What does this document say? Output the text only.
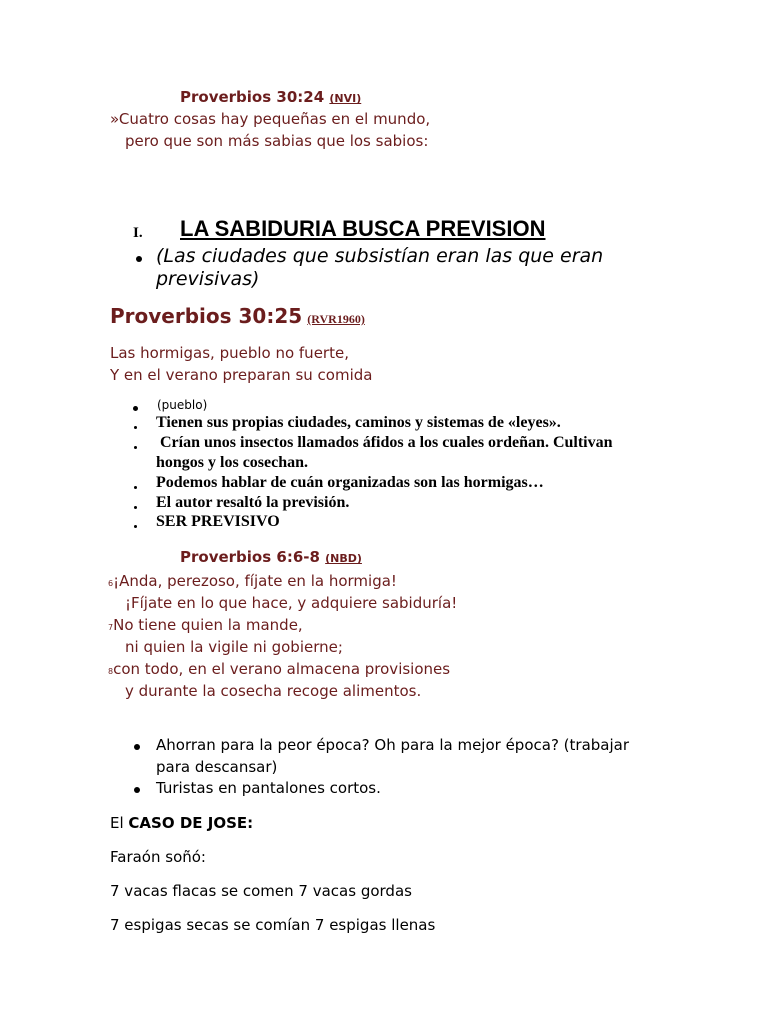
Proverbios 30:24 (NVI)
»Cuatro cosas hay pequeñas en el mundo,
pero que son más sabias que los sabios:
I. LA SABIDURIA BUSCA PREVISION
(Las ciudades que subsistían eran las que eran
previsivas)
Proverbios 30:25 (RVR1960)
Las hormigas, pueblo no fuerte,
Y en el verano preparan su comida
(pueblo)
Tienen sus propias ciudades, caminos y sistemas de «leyes».
Crían unos insectos llamados áfidos a los cuales ordeñan. Cultivan
hongos y los cosechan.
Podemos hablar de cuán organizadas son las hormigas…
El autor resaltó la previsión.
SER PREVISIVO
Proverbios 6:6-8 (NBD)
$^6$¡Anda, perezoso, fíjate en la hormiga!
¡Fíjate en lo que hace, y adquiere sabiduría!
$^7$No tiene quien la mande,
ni quien la vigile ni gobierne;
$^8$con todo, en el verano almacena provisiones
y durante la cosecha recoge alimentos.
Ahorran para la peor época? Oh para la mejor época? (trabajar
para descansar)
Turistas en pantalones cortos.
El CASO DE JOSE:
Faraón soñó:
7 vacas flacas se comen 7 vacas gordas
7 espigas secas se comían 7 espigas llenas
